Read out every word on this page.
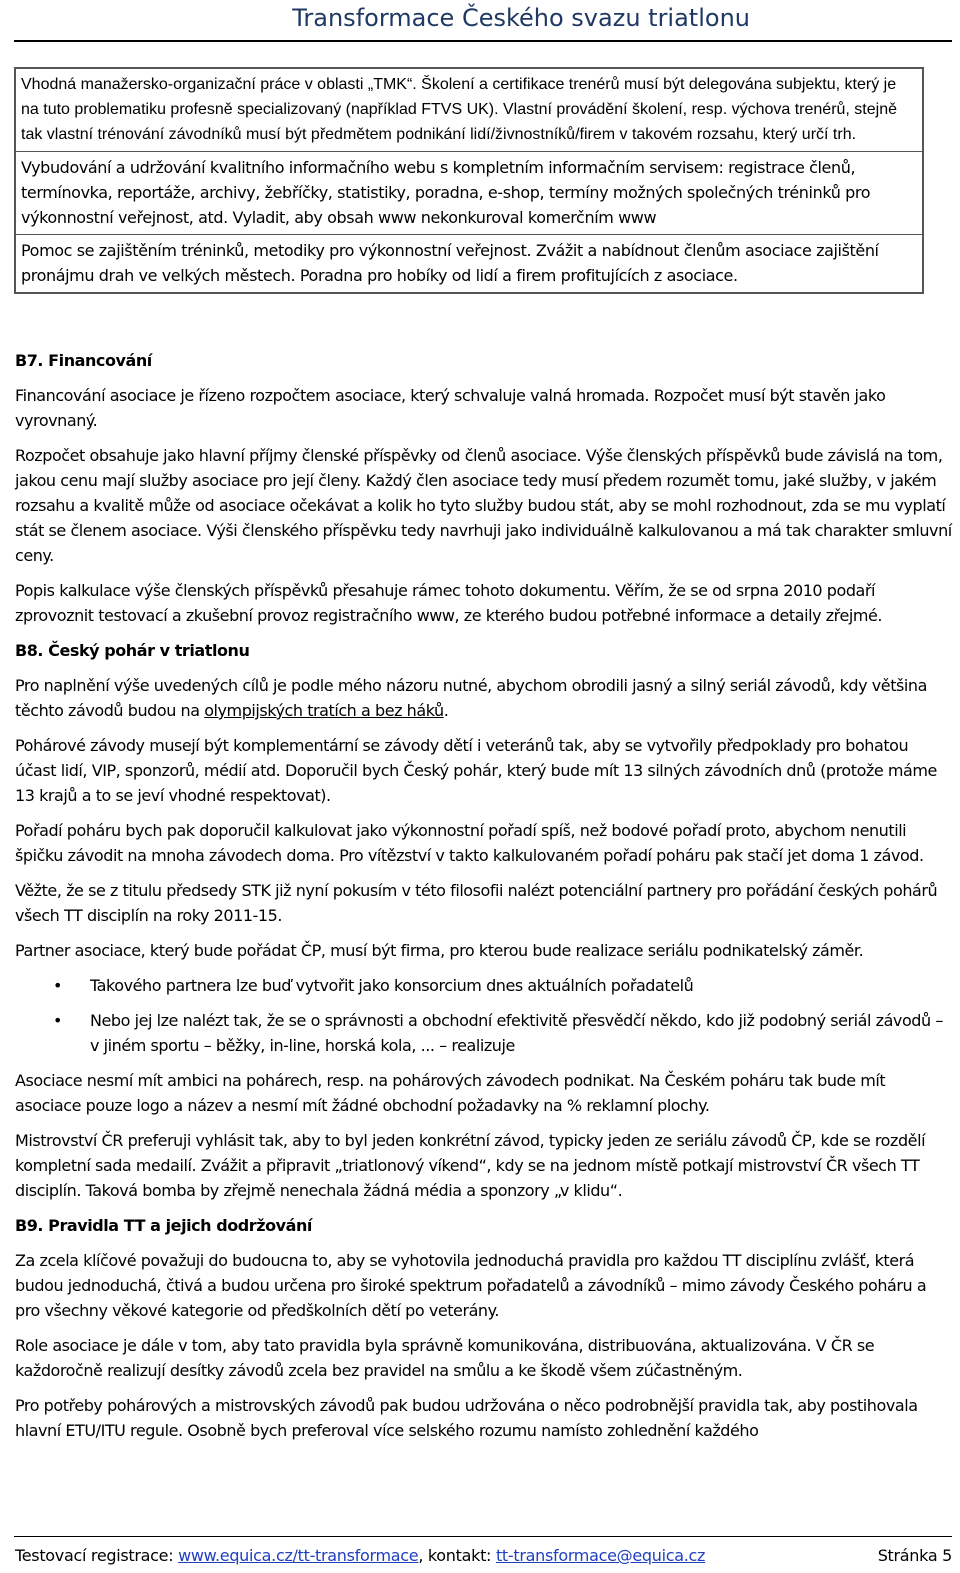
Transformace Českého svazu triatlonu
Vhodná manažersko-organizační práce v oblasti „TMK“. Školení a certifikace trenérů musí být delegována subjektu, který je na tuto problematiku profesně specializovaný (například FTVS UK). Vlastní provádění školení, resp. výchova trenérů, stejně tak vlastní trénování závodníků musí být předmětem podnikání lidí/živnostníků/firem v takovém rozsahu, který určí trh.
Vybudování a udržování kvalitního informačního webu s kompletním informačním servisem: registrace členů, termínovka, reportáže, archivy, žebříčky, statistiky, poradna, e-shop, termíny možných společných tréninků pro výkonnostní veřejnost, atd. Vyladit, aby obsah www nekonkuroval komerčním www
Pomoc se zajištěním tréninků, metodiky pro výkonnostní veřejnost. Zvážit a nabídnout členům asociace zajištění pronájmu drah ve velkých městech. Poradna pro hobíky od lidí a firem profitujících z asociace.
B7. Financování

Financování asociace je řízeno rozpočtem asociace, který schvaluje valná hromada. Rozpočet musí být stavěn jako vyrovnaný.

Rozpočet obsahuje jako hlavní příjmy členské příspěvky od členů asociace. Výše členských příspěvků bude závislá na tom, jakou cenu mají služby asociace pro její členy. Každý člen asociace tedy musí předem rozumět tomu, jaké služby, v jakém rozsahu a kvalitě může od asociace očekávat a kolik ho tyto služby budou stát, aby se mohl rozhodnout, zda se mu vyplatí stát se členem asociace. Výši členského příspěvku tedy navrhuji jako individuálně kalkulovanou a má tak charakter smluvní ceny.

Popis kalkulace výše členských příspěvků přesahuje rámec tohoto dokumentu. Věřím, že se od srpna 2010 podaří zprovoznit testovací a zkušební provoz registračního www, ze kterého budou potřebné informace a detaily zřejmé.

B8. Český pohár v triatlonu

Pro naplnění výše uvedených cílů je podle mého názoru nutné, abychom obrodili jasný a silný seriál závodů, kdy většina těchto závodů budou na olympijských tratích a bez háků.

Pohárové závody musejí být komplementární se závody dětí i veteránů tak, aby se vytvořily předpoklady pro bohatou účast lidí, VIP, sponzorů, médií atd. Doporučil bych Český pohár, který bude mít 13 silných závodních dnů (protože máme 13 krajů a to se jeví vhodné respektovat).

Pořadí poháru bych pak doporučil kalkulovat jako výkonnostní pořadí spíš, než bodové pořadí proto, abychom nenutili špičku závodit na mnoha závodech doma. Pro vítězství v takto kalkulovaném pořadí poháru pak stačí jet doma 1 závod.

Věžte, že se z titulu předsedy STK již nyní pokusím v této filosofii nalézt potenciální partnery pro pořádání českých pohárů všech TT disciplín na roky 2011-15.

Partner asociace, který bude pořádat ČP, musí být firma, pro kterou bude realizace seriálu podnikatelský záměr.

• Takového partnera lze buď vytvořit jako konsorcium dnes aktuálních pořadatelů
• Nebo jej lze nalézt tak, že se o správnosti a obchodní efektivitě přesvědčí někdo, kdo již podobný seriál závodů – v jiném sportu – běžky, in-line, horská kola, ... – realizuje

Asociace nesmí mít ambici na pohárech, resp. na pohárových závodech podnikat. Na Českém poháru tak bude mít asociace pouze logo a název a nesmí mít žádné obchodní požadavky na % reklamní plochy.

Mistrovství ČR preferuji vyhlásit tak, aby to byl jeden konkrétní závod, typicky jeden ze seriálu závodů ČP, kde se rozdělí kompletní sada medailí. Zvážit a připravit „triatlonový víkend“, kdy se na jednom místě potkají mistrovství ČR všech TT disciplín. Taková bomba by zřejmě nenechala žádná média a sponzory „v klidu“.

B9. Pravidla TT a jejich dodržování

Za zcela klíčové považuji do budoucna to, aby se vyhotovila jednoduchá pravidla pro každou TT disciplínu zvlášť, která budou jednoduchá, čtivá a budou určena pro široké spektrum pořadatelů a závodníků – mimo závody Českého poháru a pro všechny věkové kategorie od předškolních dětí po veterány.

Role asociace je dále v tom, aby tato pravidla byla správně komunikována, distribuována, aktualizována. V ČR se každoročně realizují desítky závodů zcela bez pravidel na smůlu a ke škodě všem zúčastněným.

Pro potřeby pohárových a mistrovských závodů pak budou udržována o něco podrobnější pravidla tak, aby postihovala hlavní ETU/ITU regule. Osobně bych preferoval více selského rozumu namísto zohlednění každého

Testovací registrace: www.equica.cz/tt-transformace, kontakt: tt-transformace@equica.cz	Stránka 5
